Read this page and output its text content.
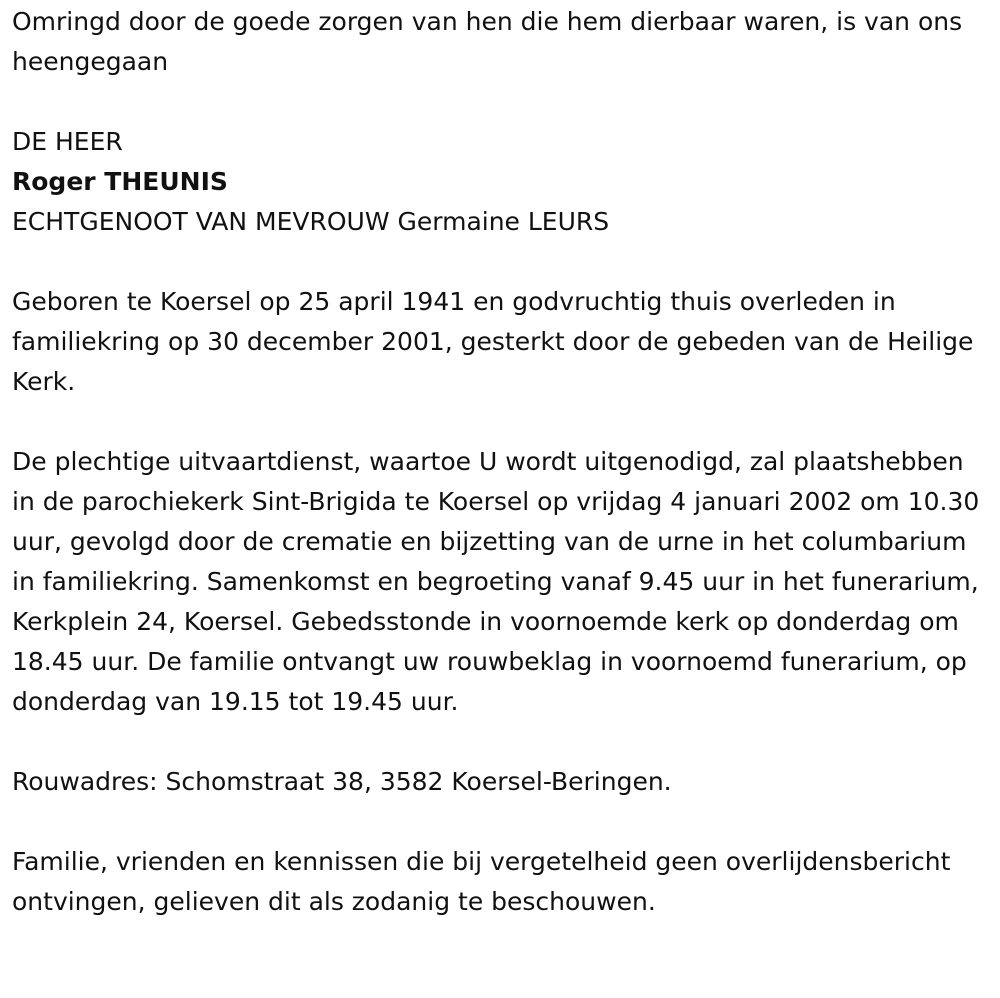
Omringd door de goede zorgen van hen die hem dierbaar waren, is van ons heengegaan

DE HEER

Roger THEUNIS

ECHTGENOOT VAN MEVROUW Germaine LEURS

Geboren te Koersel op 25 april 1941 en godvruchtig thuis overleden in familiekring op 30 december 2001, gesterkt door de gebeden van de Heilige Kerk.

De plechtige uitvaartdienst, waartoe U wordt uitgenodigd, zal plaatshebben in de parochiekerk Sint-Brigida te Koersel op vrijdag 4 januari 2002 om 10.30 uur, gevolgd door de crematie en bijzetting van de urne in het columbarium in familiekring. Samenkomst en begroeting vanaf 9.45 uur in het funerarium, Kerkplein 24, Koersel. Gebedsstonde in voornoemde kerk op donderdag om 18.45 uur. De familie ontvangt uw rouwbeklag in voornoemd funerarium, op donderdag van 19.15 tot 19.45 uur.

Rouwadres: Schomstraat 38, 3582 Koersel-Beringen.

Familie, vrienden en kennissen die bij vergetelheid geen overlijdensbericht ontvingen, gelieven dit als zodanig te beschouwen.
